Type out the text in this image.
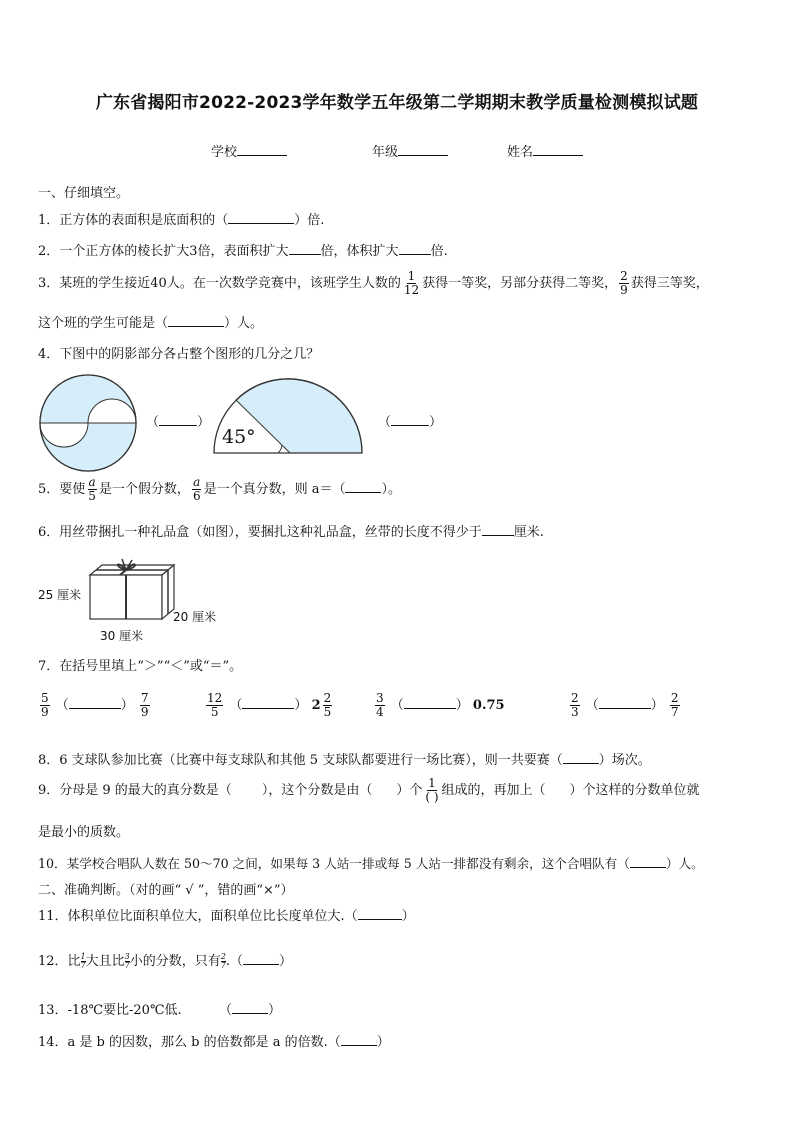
广东省揭阳市2022-2023学年数学五年级第二学期期末教学质量检测模拟试题
学校	年级	姓名
一、仔细填空。
1．正方体的表面积是底面积的（	）倍.
2．一个正方体的棱长扩大3倍，表面积扩大 倍，体积扩大 倍.
3．某班的学生接近40人。在一次数学竞赛中，该班学生人数的 $\frac{1}{12}$ 获得一等奖，另部分获得二等奖， $\frac{2}{9}$ 获得三等奖，
这个班的学生可能是（	）人。
4．下图中的阴影部分各占整个图形的几分之几？
（	）
45°
（	）
5．要使 $\frac{a}{5}$ 是一个假分数， $\frac{a}{6}$ 是一个真分数，则 a＝（	）。
6．用丝带捆扎一种礼品盒（如图），要捆扎这种礼品盒，丝带的长度不得少于 厘米.
25 厘米
30 厘米
20 厘米
7．在括号里填上“＞”“＜”或“＝”。
$\frac{5}{9}$ （	） $\frac{7}{9}$	$\frac{12}{5}$ （	） $2 \frac{2}{5}$	$\frac{3}{4}$ （	） 0.75	$\frac{2}{3}$ （	） $\frac{2}{7}$
8．6 支球队参加比赛（比赛中每支球队和其他 5 支球队都要进行一场比赛），则一共要赛（	）场次。
9．分母是 9 的最大的真分数是（ ），这个分数是由（ ）个 $\frac{1}{( )}$ 组成的，再加上（ ）个这样的分数单位就
是最小的质数。
10．某学校合唱队人数在 50～70 之间，如果每 3 人站一排或每 5 人站一排都没有剩余，这个合唱队有（	）人。
二、准确判断。（对的画“ √ ”，错的画“×”）
11．体积单位比面积单位大，面积单位比长度单位大.（	）
12．比 $\frac{1}{7}$ 大且比 $\frac{3}{7}$ 小的分数，只有 $\frac{2}{7}$ .（	）
13．-18℃要比-20℃低.	（	）
14．a 是 b 的因数，那么 b 的倍数都是 a 的倍数.（	）
